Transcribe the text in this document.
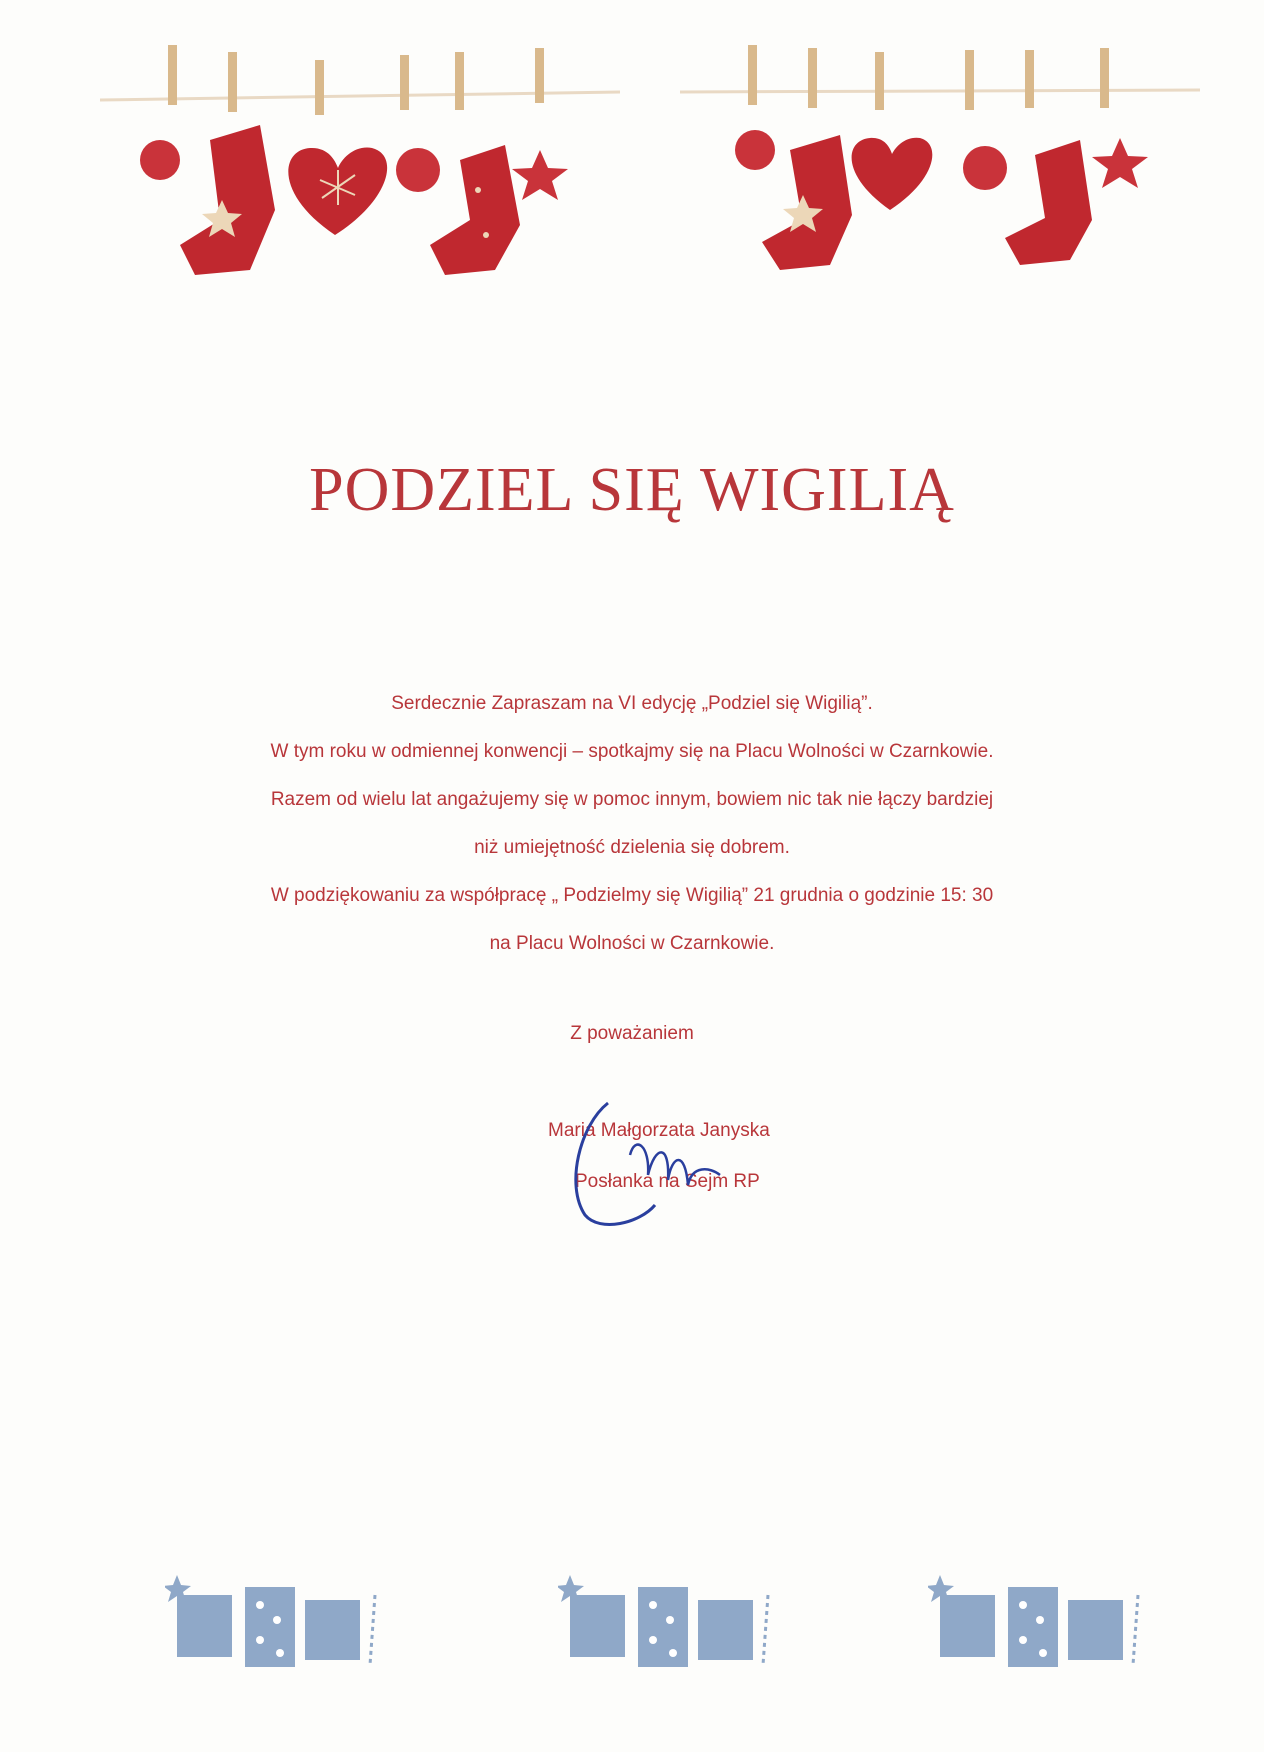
PODZIEL SIĘ WIGILIĄ

Serdecznie Zapraszam na VI edycję „Podziel się Wigilią”.

W tym roku w odmiennej konwencji – spotkajmy się na Placu Wolności w Czarnkowie.

Razem od wielu lat angażujemy się w pomoc innym, bowiem nic tak nie łączy bardziej

niż umiejętność dzielenia się dobrem.

W podziękowaniu za współpracę „ Podzielmy się Wigilią” 21 grudnia o godzinie 15: 30

na Placu Wolności w Czarnkowie.

Z poważaniem
Maria Małgorzata Janyska
Posłanka na Sejm RP
